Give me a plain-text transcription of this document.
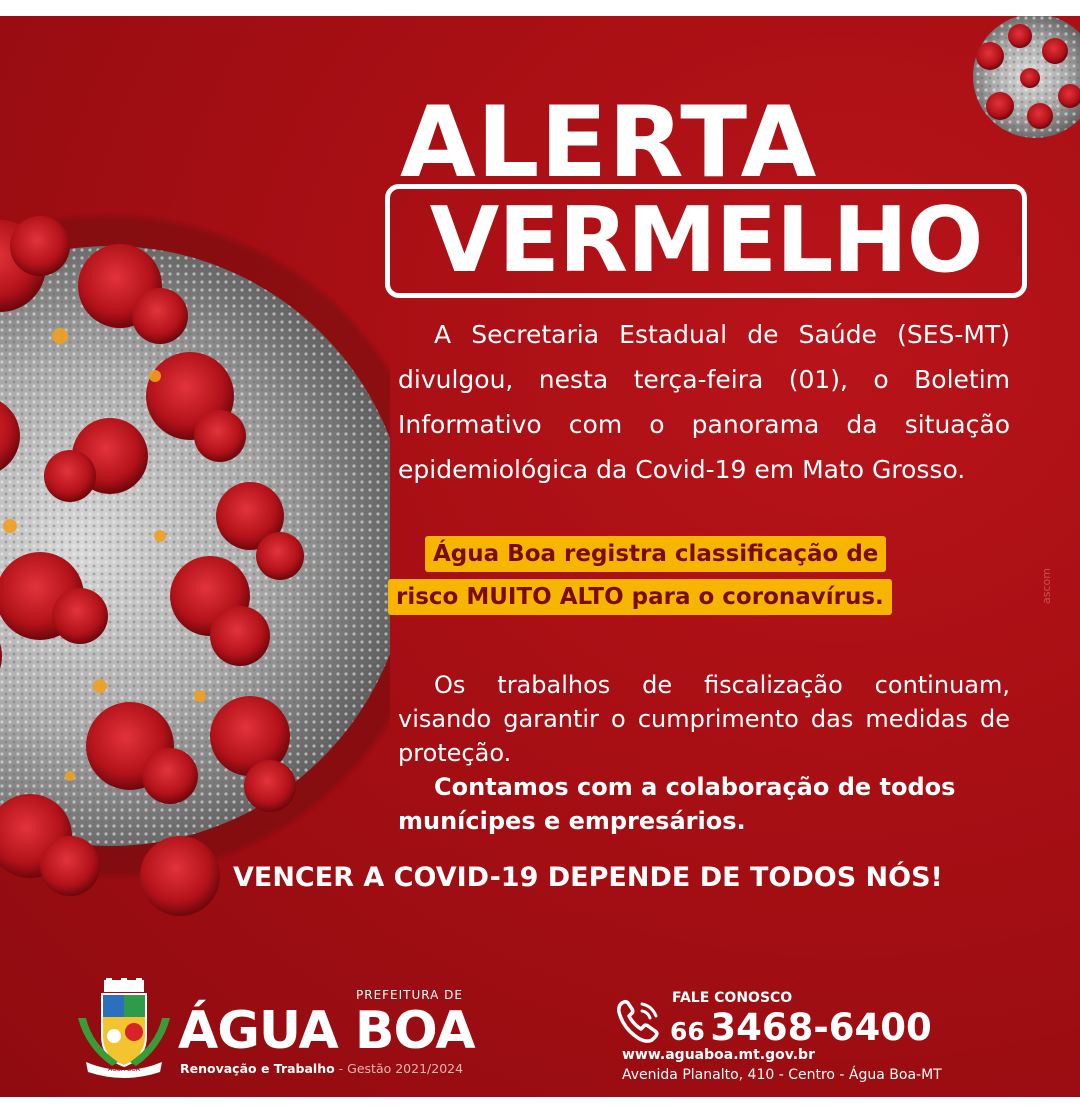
ALERTA
VERMELHO

A Secretaria Estadual de Saúde (SES-MT) divulgou, nesta terça-feira (01), o Boletim Informativo com o panorama da situação epidemiológica da Covid-19 em Mato Grosso.

Água Boa registra classificação de
risco MUITO ALTO para o coronavírus.

Os trabalhos de fiscalização continuam, visando garantir o cumprimento das medidas de proteção.

Contamos com a colaboração de todos munícipes e empresários.

VENCER A COVID-19 DEPENDE DE TODOS NÓS!

ascom
ÁGUA BOA
PREFEITURA DE
ÁGUA BOA
Renovação e Trabalho - Gestão 2021/2024
FALE CONOSCO
66 3468-6400
www.aguaboa.mt.gov.br
Avenida Planalto, 410 - Centro - Água Boa-MT
